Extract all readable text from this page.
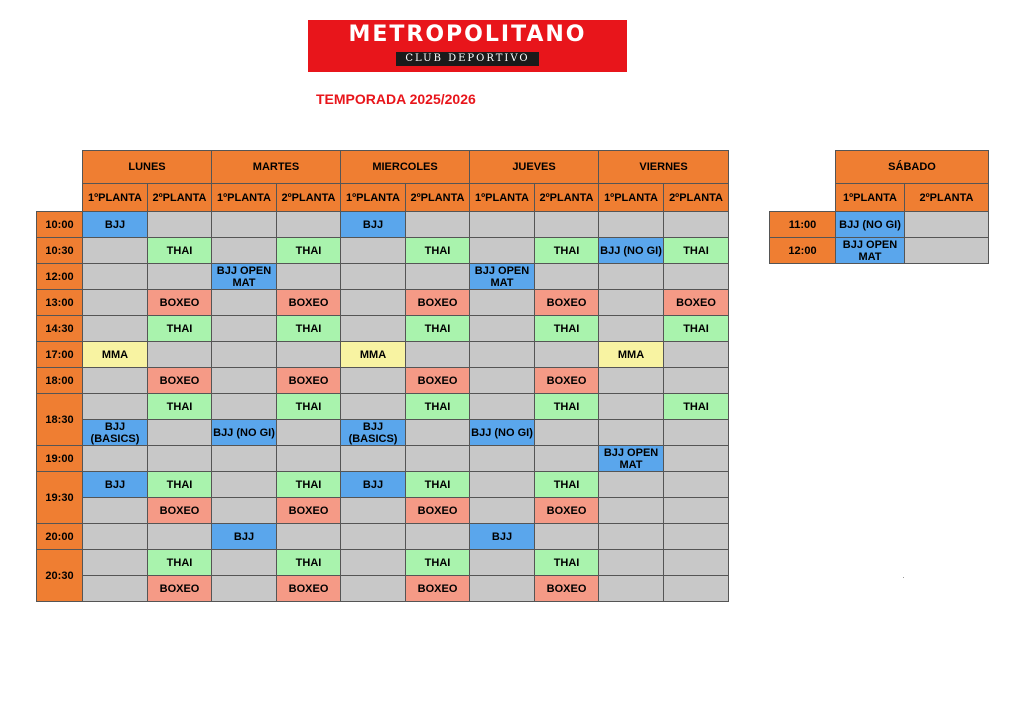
METROPOLITANO
CLUB DEPORTIVO
TEMPORADA 2025/2026
	LUNES		MARTES		MIERCOLES		JUEVES		VIERNES	
	1ºPLANTA	2ºPLANTA	1ºPLANTA	2ºPLANTA	1ºPLANTA	2ºPLANTA	1ºPLANTA	2ºPLANTA	1ºPLANTA	2ºPLANTA
10:00	BJJ				BJJ					
10:30		THAI		THAI		THAI		THAI	BJJ (NO GI)	THAI
12:00			BJJ OPEN MAT				BJJ OPEN MAT			
13:00		BOXEO		BOXEO		BOXEO		BOXEO		BOXEO
14:30		THAI		THAI		THAI		THAI		THAI
17:00	MMA				MMA				MMA	
18:00		BOXEO		BOXEO		BOXEO		BOXEO		
18:30		THAI		THAI		THAI		THAI		THAI
	BJJ (BASICS)		BJJ (NO GI)		BJJ (BASICS)		BJJ (NO GI)			
19:00									BJJ OPEN MAT	
19:30	BJJ	THAI		THAI	BJJ	THAI		THAI		
		BOXEO		BOXEO		BOXEO		BOXEO		
20:00			BJJ				BJJ			
20:30		THAI		THAI		THAI		THAI		
		BOXEO		BOXEO		BOXEO		BOXEO		
	SÁBADO	
	1ºPLANTA	2ºPLANTA
11:00	BJJ (NO GI)	
12:00	BJJ OPEN MAT	
